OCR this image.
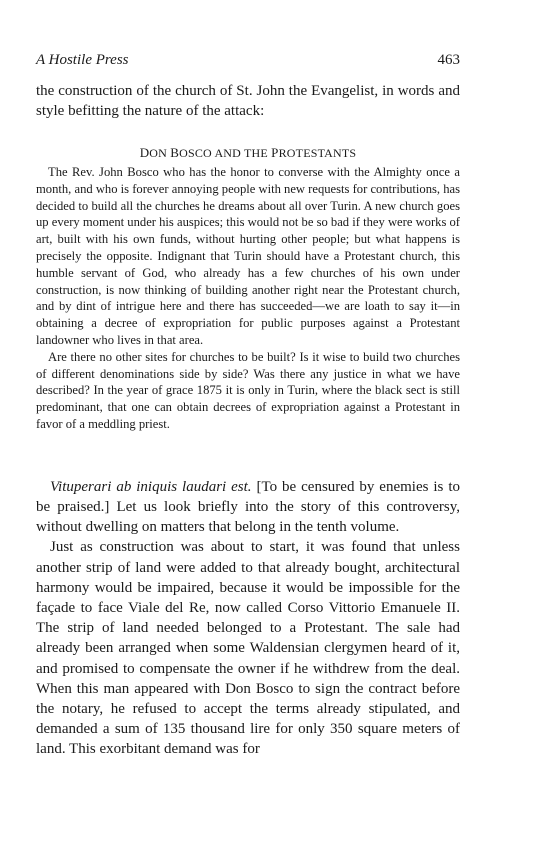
A Hostile Press	463

the construction of the church of St. John the Evangelist, in words and style befitting the nature of the attack:

DON BOSCO AND THE PROTESTANTS

The Rev. John Bosco who has the honor to converse with the Almighty once a month, and who is forever annoying people with new requests for contributions, has decided to build all the churches he dreams about all over Turin. A new church goes up every moment under his auspices; this would not be so bad if they were works of art, built with his own funds, without hurting other people; but what happens is precisely the opposite. Indignant that Turin should have a Protestant church, this humble servant of God, who already has a few churches of his own under construction, is now thinking of building another right near the Protestant church, and by dint of intrigue here and there has succeeded—we are loath to say it—in obtaining a decree of expropriation for public purposes against a Protestant landowner who lives in that area.

Are there no other sites for churches to be built? Is it wise to build two churches of different denominations side by side? Was there any justice in what we have described? In the year of grace 1875 it is only in Turin, where the black sect is still predominant, that one can obtain decrees of expropriation against a Protestant in favor of a meddling priest.

Vituperari ab iniquis laudari est. [To be censured by enemies is to be praised.] Let us look briefly into the story of this controversy, without dwelling on matters that belong in the tenth volume.

Just as construction was about to start, it was found that unless another strip of land were added to that already bought, architectural harmony would be impaired, because it would be impossible for the façade to face Viale del Re, now called Corso Vittorio Emanuele II. The strip of land needed belonged to a Protestant. The sale had already been arranged when some Waldensian clergymen heard of it, and promised to compensate the owner if he withdrew from the deal. When this man appeared with Don Bosco to sign the contract before the notary, he refused to accept the terms already stipulated, and demanded a sum of 135 thousand lire for only 350 square meters of land. This exorbitant demand was for
